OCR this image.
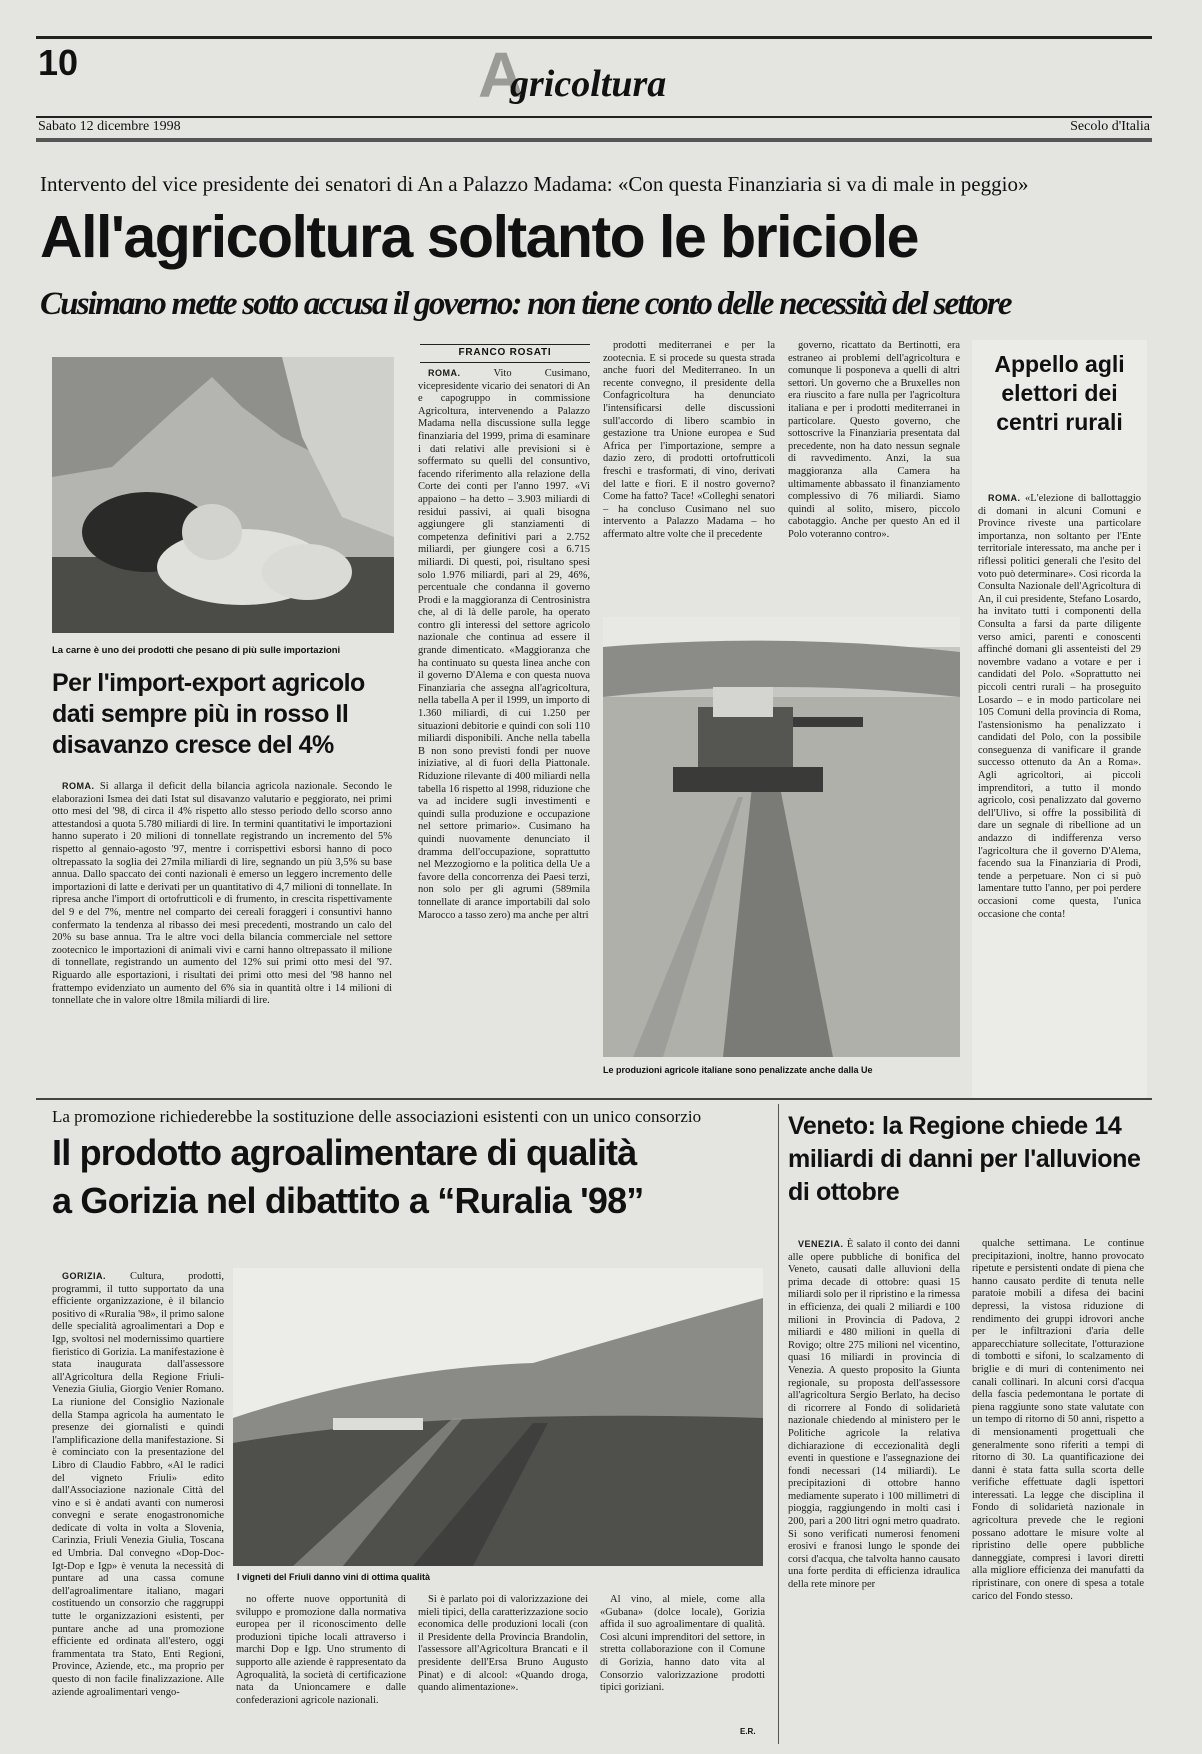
10	A
gricoltura
Sabato 12 dicembre 1998	Secolo d'Italia
Intervento del vice presidente dei senatori di An a Palazzo Madama: «Con questa Finanziaria si va di male in peggio»
All'agricoltura soltanto le briciole
Cusimano mette sotto accusa il governo: non tiene conto delle necessità del settore
La carne è uno dei prodotti che pesano di più sulle importazioni
Per l'import-export agricolo dati sempre più in rosso Il disavanzo cresce del 4%

ROMA. Si allarga il deficit della bilancia agricola nazionale. Secondo le elaborazioni Ismea dei dati Istat sul disavanzo valutario e peggiorato, nei primi otto mesi del '98, di circa il 4% rispetto allo stesso periodo dello scorso anno attestandosi a quota 5.780 miliardi di lire. In termini quantitativi le importazioni hanno superato i 20 milioni di tonnellate registrando un incremento del 5% rispetto al gennaio-agosto '97, mentre i corrispettivi esborsi hanno di poco oltrepassato la soglia dei 27mila miliardi di lire, segnando un più 3,5% su base annua. Dallo spaccato dei conti nazionali è emerso un leggero incremento delle importazioni di latte e derivati per un quantitativo di 4,7 milioni di tonnellate. In ripresa anche l'import di ortofrutticoli e di frumento, in crescita rispettivamente del 9 e del 7%, mentre nel comparto dei cereali foraggeri i consuntivi hanno confermato la tendenza al ribasso dei mesi precedenti, mostrando un calo del 20% su base annua. Tra le altre voci della bilancia commerciale nel settore zootecnico le importazioni di animali vivi e carni hanno oltrepassato il milione di tonnellate, registrando un aumento del 12% sui primi otto mesi del '97. Riguardo alle esportazioni, i risultati dei primi otto mesi del '98 hanno nel frattempo evidenziato un aumento del 6% sia in quantità oltre i 14 milioni di tonnellate che in valore oltre 18mila miliardi di lire.

FRANCO ROSATI

ROMA.	Vito Cusimano, vicepresidente vicario dei senatori di An e capogruppo in commissione Agricoltura, intervenendo a Palazzo Madama nella discussione sulla legge finanziaria del 1999, prima di esaminare i dati relativi alle previsioni si è soffermato su quelli del consuntivo, facendo riferimento alla relazione della Corte dei conti per l'anno 1997. «Vi appaiono – ha detto – 3.903 miliardi di residui passivi, ai quali bisogna aggiungere gli stanziamenti di competenza definitivi pari a 2.752 miliardi, per giungere così a 6.715 miliardi. Di questi, poi, risultano spesi solo 1.976 miliardi, pari al 29, 46%, percentuale che condanna il governo Prodi e la maggioranza di Centrosinistra che, al di là delle parole, ha operato contro gli interessi del settore agricolo nazionale che continua ad essere il grande dimenticato. «Maggioranza che ha continuato su questa linea anche con il governo D'Alema e con questa nuova Finanziaria che assegna all'agricoltura, nella tabella A per il 1999, un importo di 1.360 miliardi, di cui 1.250 per situazioni debitorie e quindi con soli 110 miliardi disponibili. Anche nella tabella B non sono previsti fondi per nuove iniziative, al di fuori della Piattonale. Riduzione rilevante di 400 miliardi nella tabella 16 rispetto al 1998, riduzione che va ad incidere sugli investimenti e quindi sulla produzione e occupazione nel settore primario». Cusimano ha quindi nuovamente denunciato il dramma dell'occupazione, soprattutto nel Mezzogiorno e la politica della Ue a favore della concorrenza dei Paesi terzi, non solo per gli agrumi (589mila tonnellate di arance importabili dal solo Marocco a tasso zero) ma anche per altri

prodotti mediterranei e per la zootecnia. E si procede su questa strada anche fuori del Mediterraneo. In un recente convegno, il presidente della Confagricoltura ha denunciato l'intensificarsi delle discussioni sull'accordo di libero scambio in gestazione tra Unione europea e Sud Africa per l'importazione, sempre a dazio zero, di prodotti ortofrutticoli freschi e trasformati, di vino, derivati del latte e fiori. E il nostro governo? Come ha fatto? Tace! «Colleghi senatori – ha concluso Cusimano nel suo intervento a Palazzo Madama – ho affermato altre volte che il precedente

governo, ricattato da Bertinotti, era estraneo ai problemi dell'agricoltura e comunque li posponeva a quelli di altri settori. Un governo che a Bruxelles non era riuscito a fare nulla per l'agricoltura italiana e per i prodotti mediterranei in particolare. Questo governo, che sottoscrive la Finanziaria presentata dal precedente, non ha dato nessun segnale di ravvedimento. Anzi, la sua maggioranza alla Camera ha ultimamente abbassato il finanziamento complessivo di 76 miliardi. Siamo quindi al solito, misero, piccolo cabotaggio. Anche per questo An ed il Polo voteranno contro».

Le produzioni agricole italiane sono penalizzate anche dalla Ue
Appello agli elettori dei centri rurali

ROMA. «L'elezione di ballottaggio di domani in alcuni Comuni e Province riveste una particolare importanza, non soltanto per l'Ente territoriale interessato, ma anche per i riflessi politici generali che l'esito del voto può determinare». Così ricorda la Consulta Nazionale dell'Agricoltura di An, il cui presidente, Stefano Losardo, ha invitato tutti i componenti della Consulta a farsi da parte diligente verso amici, parenti e conoscenti affinché domani gli assenteisti del 29 novembre vadano a votare e per i candidati del Polo. «Soprattutto nei piccoli centri rurali – ha proseguito Losardo – e in modo particolare nei 105 Comuni della provincia di Roma, l'astensionismo ha penalizzato i candidati del Polo, con la possibile conseguenza di vanificare il grande successo ottenuto da An a Roma». Agli agricoltori, ai piccoli imprenditori, a tutto il mondo agricolo, così penalizzato dal governo dell'Ulivo, si offre la possibilità di dare un segnale di ribellione ad un andazzo di indifferenza verso l'agricoltura che il governo D'Alema, facendo sua la Finanziaria di Prodi, tende a perpetuare. Non ci si può lamentare tutto l'anno, per poi perdere occasioni come questa, l'unica occasione che conta!

La promozione richiederebbe la sostituzione delle associazioni esistenti con un unico consorzio
Il prodotto agroalimentare di qualità
a Gorizia nel dibattito a “Ruralia '98”

GORIZIA. Cultura, prodotti, programmi, il tutto supportato da una efficiente organizzazione, è il bilancio positivo di «Ruralia '98», il primo salone delle specialità agroalimentari a Dop e Igp, svoltosi nel modernissimo quartiere fieristico di Gorizia. La manifestazione è stata inaugurata dall'assessore all'Agricoltura della Regione Friuli-Venezia Giulia, Giorgio Venier Romano. La riunione del Consiglio Nazionale della Stampa agricola ha aumentato le presenze dei giornalisti e quindi l'amplificazione della manifestazione. Si è cominciato con la presentazione del Libro di Claudio Fabbro, «Al le radici del vigneto Friuli» edito dall'Associazione nazionale Città del vino e si è andati avanti con numerosi convegni e serate enogastronomiche dedicate di volta in volta a Slovenia, Carinzia, Friuli Venezia Giulia, Toscana ed Umbria. Dal convegno «Dop-Doc-Igt-Dop e Igp» è venuta la necessità di puntare ad una cassa comune dell'agroalimentare italiano, magari costituendo un consorzio che raggruppi tutte le organizzazioni esistenti, per puntare anche ad una promozione efficiente ed ordinata all'estero, oggi frammentata tra Stato, Enti Regioni, Province, Aziende, etc., ma proprio per questo di non facile finalizzazione. Alle aziende agroalimentari vengo-

I vigneti del Friuli danno vini di ottima qualità

no offerte nuove opportunità di sviluppo e promozione dalla normativa europea per il riconoscimento delle produzioni tipiche locali attraverso i marchi Dop e Igp. Uno strumento di supporto alle aziende è rappresentato da Agroqualità, la società di certificazione nata da Unioncamere e dalle confederazioni agricole nazionali.

Si è parlato poi di valorizzazione dei mieli tipici, della caratterizzazione socio economica delle produzioni locali (con il Presidente della Provincia Brandolin, l'assessore all'Agricoltura Brancati e il presidente dell'Ersa Bruno Augusto Pinat) e di alcool: «Quando droga, quando alimentazione».

Al vino, al miele, come alla «Gubana» (dolce locale), Gorizia affida il suo agroalimentare di qualità. Così alcuni imprenditori del settore, in stretta collaborazione con il Comune di Gorizia, hanno dato vita al Consorzio valorizzazione prodotti tipici goriziani.

E.R.
Veneto: la Regione chiede 14 miliardi di danni per l'alluvione di ottobre

VENEZIA. È salato il conto dei danni alle opere pubbliche di bonifica del Veneto, causati dalle alluvioni della prima decade di ottobre: quasi 15 miliardi solo per il ripristino e la rimessa in efficienza, dei quali 2 miliardi e 100 milioni in Provincia di Padova, 2 miliardi e 480 milioni in quella di Rovigo; oltre 275 milioni nel vicentino, quasi 16 miliardi in provincia di Venezia. A questo proposito la Giunta regionale, su proposta dell'assessore all'agricoltura Sergio Berlato, ha deciso di ricorrere al Fondo di solidarietà nazionale chiedendo al ministero per le Politiche agricole la relativa dichiarazione di eccezionalità degli eventi in questione e l'assegnazione dei fondi necessari (14 miliardi). Le precipitazioni di ottobre hanno mediamente superato i 100 millimetri di pioggia, raggiungendo in molti casi i 200, pari a 200 litri ogni metro quadrato. Si sono verificati numerosi fenomeni erosivi e franosi lungo le sponde dei corsi d'acqua, che talvolta hanno causato una forte perdita di efficienza idraulica della rete minore per

qualche settimana. Le continue precipitazioni, inoltre, hanno provocato ripetute e persistenti ondate di piena che hanno causato perdite di tenuta nelle paratoie mobili a difesa dei bacini depressi, la vistosa riduzione di rendimento dei gruppi idrovori anche per le infiltrazioni d'aria delle apparecchiature sollecitate, l'otturazione di tombotti e sifoni, lo scalzamento di briglie e di muri di contenimento nei canali collinari. In alcuni corsi d'acqua della fascia pedemontana le portate di piena raggiunte sono state valutate con un tempo di ritorno di 50 anni, rispetto a di mensionamenti progettuali che generalmente sono riferiti a tempi di ritorno di 30. La quantificazione dei danni è stata fatta sulla scorta delle verifiche effettuate dagli ispettori interessati. La legge che disciplina il Fondo di solidarietà nazionale in agricoltura prevede che le regioni possano adottare le misure volte al ripristino delle opere pubbliche danneggiate, compresi i lavori diretti alla migliore efficienza dei manufatti da ripristinare, con onere di spesa a totale carico del Fondo stesso.
